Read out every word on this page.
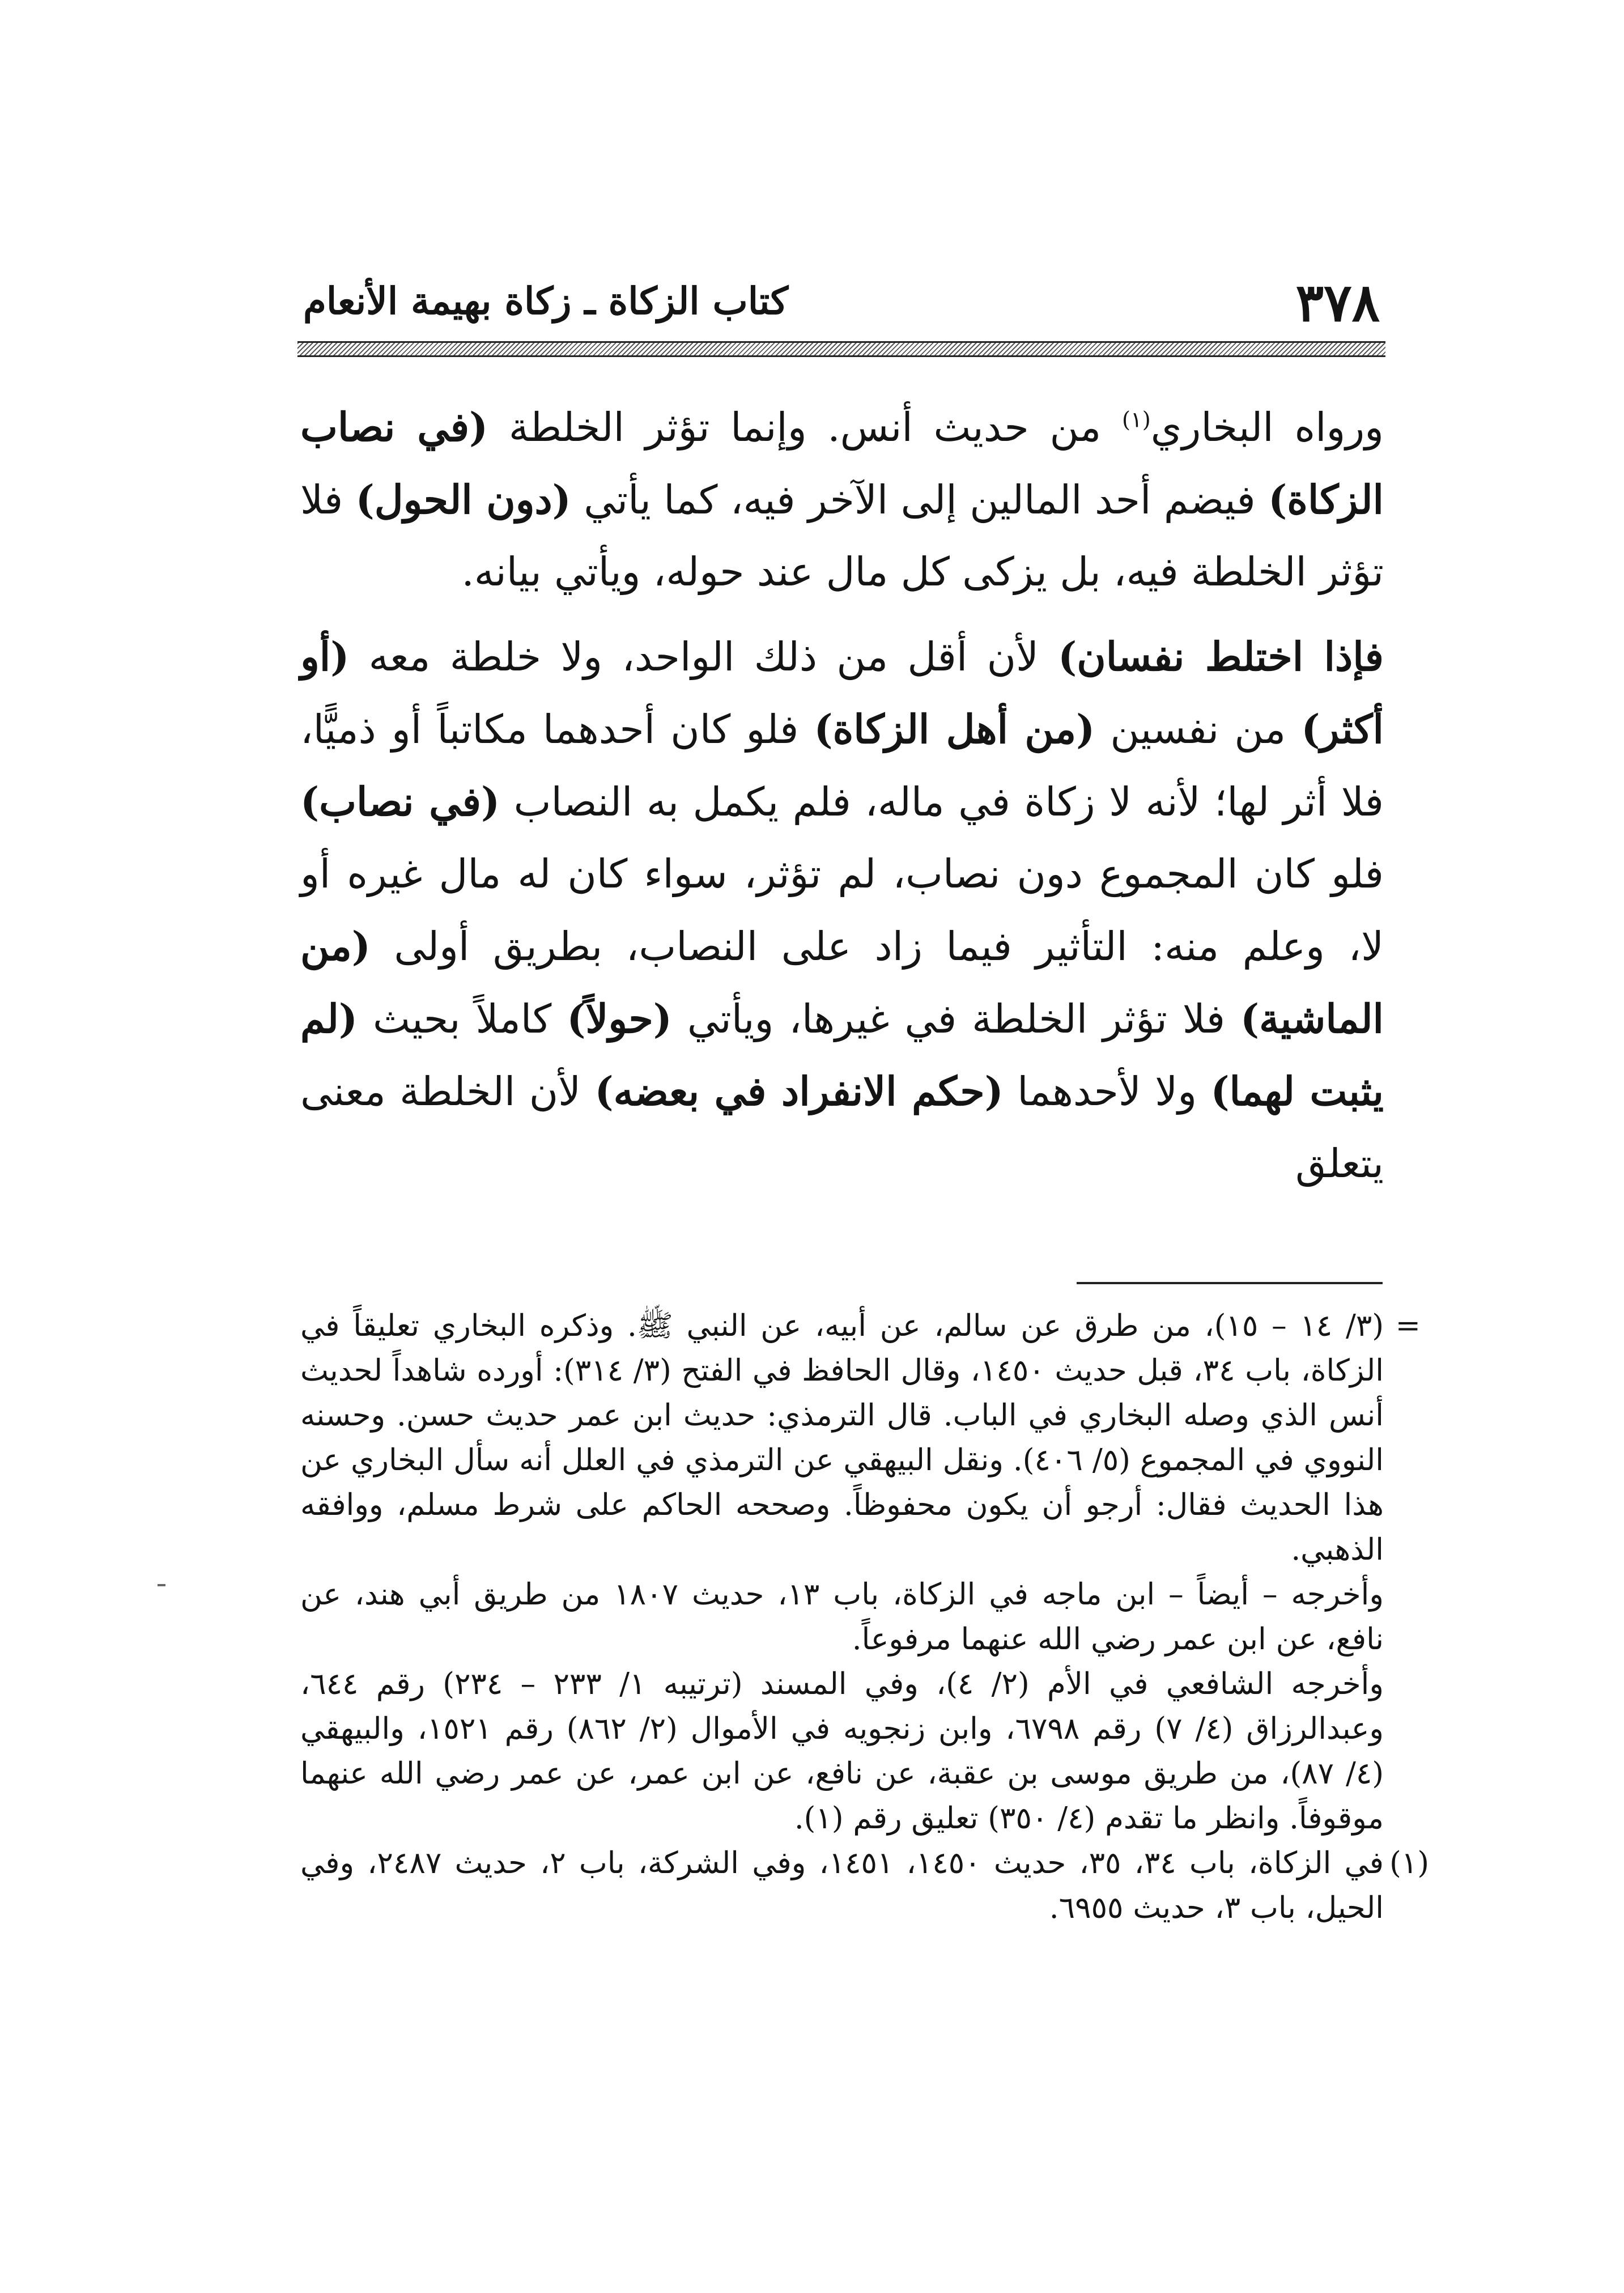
٣٧٨
كتاب الزكاة ـ زكاة بهيمة الأنعام

ورواه البخاري$^{(١)}$ من حديث أنس. وإنما تؤثر الخلطة (في نصاب الزكاة) فيضم أحد المالين إلى الآخر فيه، كما يأتي (دون الحول) فلا تؤثر الخلطة فيه، بل يزكى كل مال عند حوله، ويأتي بيانه.

فإذا اختلط نفسان) لأن أقل من ذلك الواحد، ولا خلطة معه (أو أكثر) من نفسين (من أهل الزكاة) فلو كان أحدهما مكاتباً أو ذميًّا، فلا أثر لها؛ لأنه لا زكاة في ماله، فلم يكمل به النصاب (في نصاب) فلو كان المجموع دون نصاب، لم تؤثر، سواء كان له مال غيره أو لا، وعلم منه: التأثير فيما زاد على النصاب، بطريق أولى (من الماشية) فلا تؤثر الخلطة في غيرها، ويأتي (حولاً) كاملاً بحيث (لم يثبت لهما) ولا لأحدهما (حكم الانفراد في بعضه) لأن الخلطة معنى يتعلق

=
(٣/ ١٤ – ١٥)، من طرق عن سالم، عن أبيه، عن النبي ﷺ. وذكره البخاري تعليقاً في الزكاة، باب ٣٤، قبل حديث ١٤٥٠، وقال الحافظ في الفتح (٣/ ٣١٤): أورده شاهداً لحديث أنس الذي وصله البخاري في الباب. قال الترمذي: حديث ابن عمر حديث حسن. وحسنه النووي في المجموع (٥/ ٤٠٦). ونقل البيهقي عن الترمذي في العلل أنه سأل البخاري عن هذا الحديث فقال: أرجو أن يكون محفوظاً. وصححه الحاكم على شرط مسلم، ووافقه الذهبي.

وأخرجه – أيضاً – ابن ماجه في الزكاة، باب ١٣، حديث ١٨٠٧ من طريق أبي هند، عن نافع، عن ابن عمر رضي الله عنهما مرفوعاً.

وأخرجه الشافعي في الأم (٢/ ٤)، وفي المسند (ترتيبه ١/ ٢٣٣ – ٢٣٤) رقم ٦٤٤، وعبدالرزاق (٤/ ٧) رقم ٦٧٩٨، وابن زنجويه في الأموال (٢/ ٨٦٢) رقم ١٥٢١، والبيهقي (٤/ ٨٧)، من طريق موسى بن عقبة، عن نافع، عن ابن عمر، عن عمر رضي الله عنهما موقوفاً. وانظر ما تقدم (٤/ ٣٥٠) تعليق رقم (١).

(١)
في الزكاة، باب ٣٤، ٣٥، حديث ١٤٥٠، ١٤٥١، وفي الشركة، باب ٢، حديث ٢٤٨٧، وفي الحيل، باب ٣، حديث ٦٩٥٥.
